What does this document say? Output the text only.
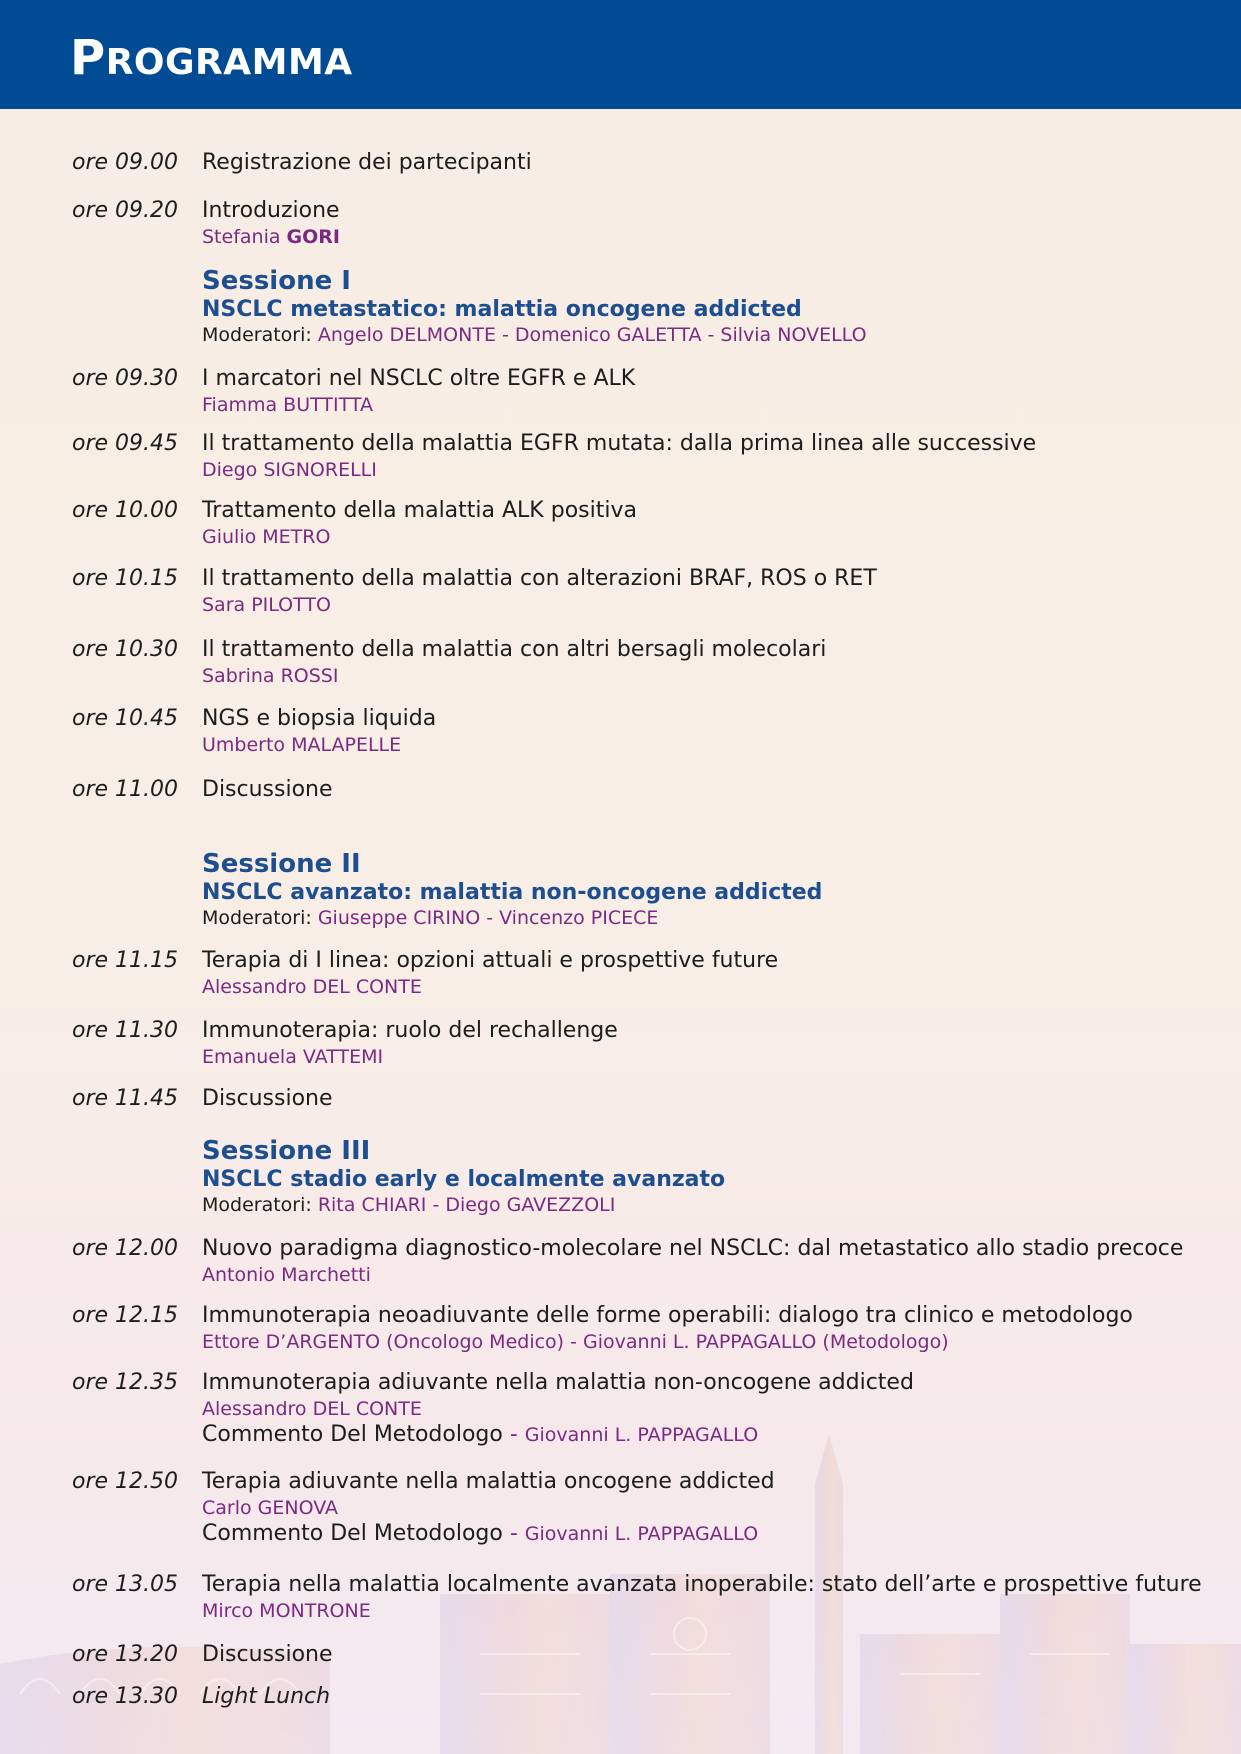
PROGRAMMA
ore 09.00	Registrazione dei partecipanti
ore 09.20	Introduzione
Stefania GORI
Sessione I
NSCLC metastatico: malattia oncogene addicted
Moderatori: Angelo DELMONTE - Domenico GALETTA - Silvia NOVELLO
ore 09.30	I marcatori nel NSCLC oltre EGFR e ALK
Fiamma BUTTITTA
ore 09.45	Il trattamento della malattia EGFR mutata: dalla prima linea alle successive
Diego SIGNORELLI
ore 10.00	Trattamento della malattia ALK positiva
Giulio METRO
ore 10.15	Il trattamento della malattia con alterazioni BRAF, ROS o RET
Sara PILOTTO
ore 10.30	Il trattamento della malattia con altri bersagli molecolari
Sabrina ROSSI
ore 10.45	NGS e biopsia liquida
Umberto MALAPELLE
ore 11.00	Discussione
Sessione II
NSCLC avanzato: malattia non-oncogene addicted
Moderatori: Giuseppe CIRINO - Vincenzo PICECE
ore 11.15	Terapia di I linea: opzioni attuali e prospettive future
Alessandro DEL CONTE
ore 11.30	Immunoterapia: ruolo del rechallenge
Emanuela VATTEMI
ore 11.45	Discussione
Sessione III
NSCLC stadio early e localmente avanzato
Moderatori: Rita CHIARI - Diego GAVEZZOLI
ore 12.00	Nuovo paradigma diagnostico-molecolare nel NSCLC: dal metastatico allo stadio precoce
Antonio Marchetti
ore 12.15	Immunoterapia neoadiuvante delle forme operabili: dialogo tra clinico e metodologo
Ettore D’ARGENTO (Oncologo Medico) - Giovanni L. PAPPAGALLO (Metodologo)
ore 12.35	Immunoterapia adiuvante nella malattia non-oncogene addicted
Alessandro DEL CONTE
Commento Del Metodologo - Giovanni L. PAPPAGALLO
ore 12.50	Terapia adiuvante nella malattia oncogene addicted
Carlo GENOVA
Commento Del Metodologo - Giovanni L. PAPPAGALLO
ore 13.05	Terapia nella malattia localmente avanzata inoperabile: stato dell’arte e prospettive future
Mirco MONTRONE
ore 13.20	Discussione
ore 13.30	Light Lunch
